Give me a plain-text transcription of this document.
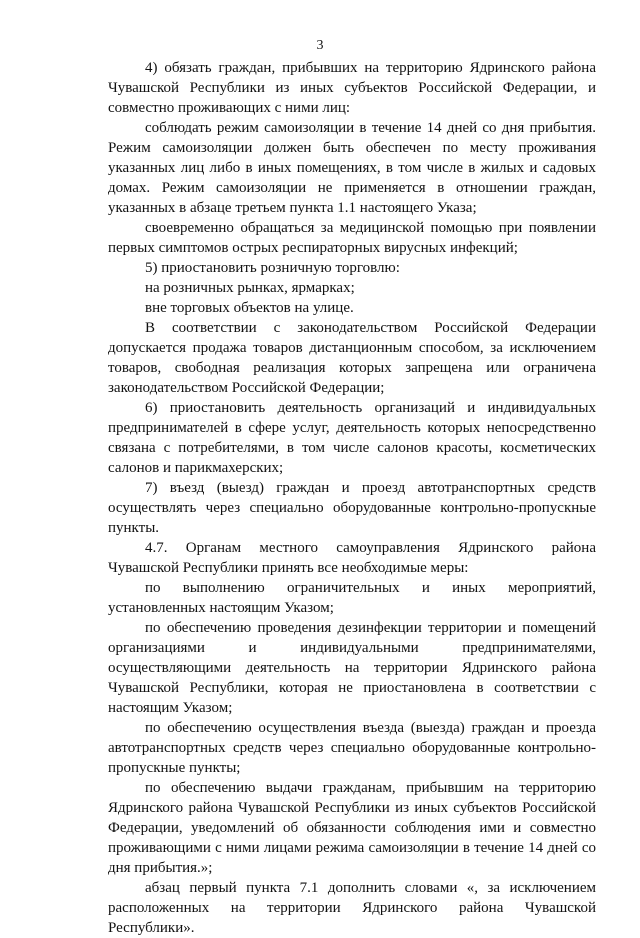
3

4) обязать граждан, прибывших на территорию Ядринского района Чувашской Республики из иных субъектов Российской Федерации, и совместно проживающих с ними лиц:

соблюдать режим самоизоляции в течение 14 дней со дня прибытия. Режим самоизоляции должен быть обеспечен по месту проживания указанных лиц либо в иных помещениях, в том числе в жилых и садовых домах. Режим самоизоляции не применяется в отношении граждан, указанных в абзаце третьем пункта 1.1 настоящего Указа;

своевременно обращаться за медицинской помощью при появлении первых симптомов острых респираторных вирусных инфекций;

5) приостановить розничную торговлю:

на розничных рынках, ярмарках;

вне торговых объектов на улице.

В соответствии с законодательством Российской Федерации допускается продажа товаров дистанционным способом, за исключением товаров, свободная реализация которых запрещена или ограничена законодательством Российской Федерации;

6) приостановить деятельность организаций и индивидуальных предпринимателей в сфере услуг, деятельность которых непосредственно связана с потребителями, в том числе салонов красоты, косметических салонов и парикмахерских;

7) въезд (выезд) граждан и проезд автотранспортных средств осуществлять через специально оборудованные контрольно-пропускные пункты.

4.7. Органам местного самоуправления Ядринского района Чувашской Республики принять все необходимые меры:

по выполнению ограничительных и иных мероприятий, установленных настоящим Указом;

по обеспечению проведения дезинфекции территории и помещений организациями и индивидуальными предпринимателями, осуществляющими деятельность на территории Ядринского района Чувашской Республики, которая не приостановлена в соответствии с настоящим Указом;

по обеспечению осуществления въезда (выезда) граждан и проезда автотранспортных средств через специально оборудованные контрольно-пропускные пункты;

по обеспечению выдачи гражданам, прибывшим на территорию Ядринского района Чувашской Республики из иных субъектов Российской Федерации, уведомлений об обязанности соблюдения ими и совместно проживающими с ними лицами режима самоизоляции в течение 14 дней со дня прибытия.»;

абзац первый пункта 7.1 дополнить словами «, за исключением расположенных на территории Ядринского района Чувашской Республики».
